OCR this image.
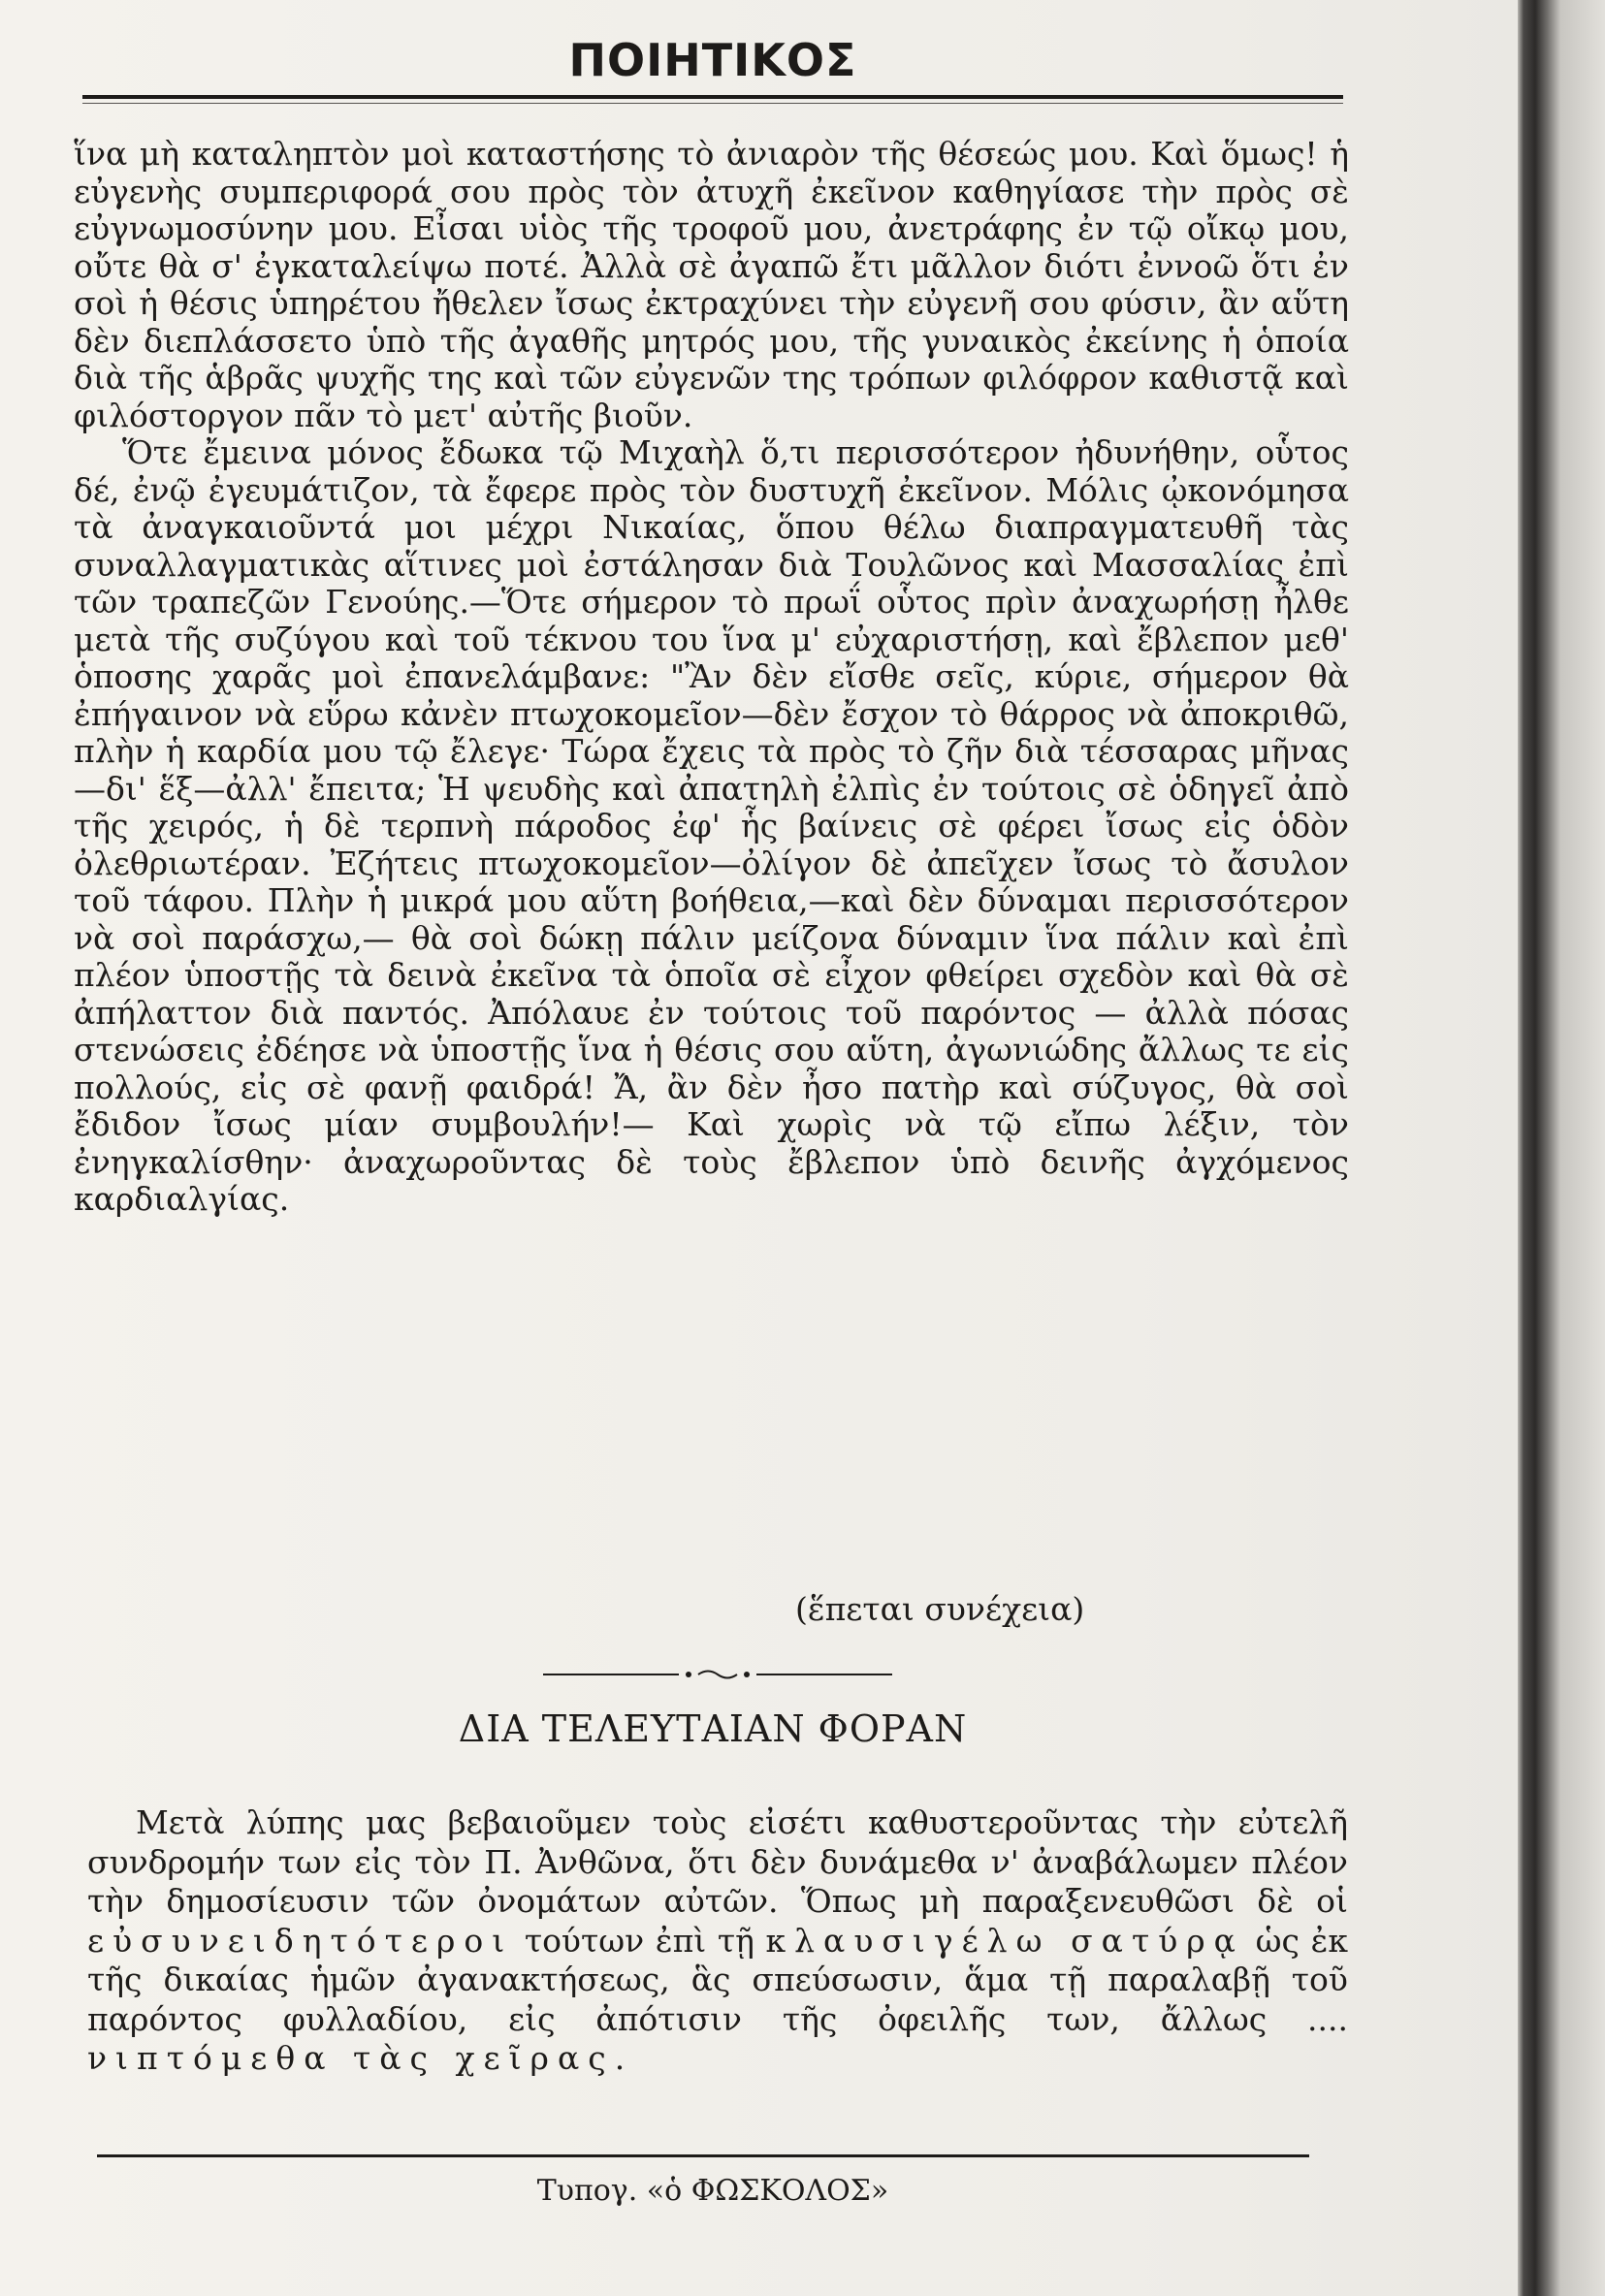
ΠΟΙΗΤΙΚΟΣ

ἵνα μὴ καταληπτὸν μοὶ καταστήσης τὸ ἀνιαρὸν τῆς θέσεώς μου. Καὶ ὅμως! ἡ εὐγενὴς συμπεριφορά σου πρὸς τὸν ἀτυχῆ ἐκεῖνον καθηγίασε τὴν πρὸς σὲ εὐγνωμοσύνην μου. Εἶσαι υἱὸς τῆς τροφοῦ μου, ἀνετράφης ἐν τῷ οἴκῳ μου, οὔτε θὰ σ' ἐγκαταλείψω ποτέ. Ἀλλὰ σὲ ἀγαπῶ ἔτι μᾶλλον διότι ἐννοῶ ὅτι ἐν σοὶ ἡ θέσις ὑπηρέτου ἤθελεν ἴσως ἐκτραχύνει τὴν εὐγενῆ σου φύσιν, ἂν αὕτη δὲν διεπλάσσετο ὑπὸ τῆς ἀγαθῆς μητρός μου, τῆς γυναικὸς ἐκείνης ἡ ὁποία διὰ τῆς ἁβρᾶς ψυχῆς της καὶ τῶν εὐγενῶν της τρόπων φιλόφρον καθιστᾷ καὶ φιλόστοργον πᾶν τὸ μετ' αὐτῆς βιοῦν.

Ὅτε ἔμεινα μόνος ἔδωκα τῷ Μιχαὴλ ὅ,τι περισσότερον ἠδυνήθην, οὗτος δέ, ἐνῷ ἐγευμάτιζον, τὰ ἔφερε πρὸς τὸν δυστυχῆ ἐκεῖνον. Μόλις ᾠκονόμησα τὰ ἀναγκαιοῦντά μοι μέχρι Νικαίας, ὅπου θέλω διαπραγματευθῆ τὰς συναλλαγματικὰς αἵτινες μοὶ ἐστάλησαν διὰ Τουλῶνος καὶ Μασσαλίας ἐπὶ τῶν τραπεζῶν Γενούης.—Ὅτε σήμερον τὸ πρωΐ οὗτος πρὶν ἀναχωρήσῃ ἦλθε μετὰ τῆς συζύγου καὶ τοῦ τέκνου του ἵνα μ' εὐχαριστήσῃ, καὶ ἔβλεπον μεθ' ὁποσης χαρᾶς μοὶ ἐπανελάμβανε: "Ἂν δὲν εἴσθε σεῖς, κύριε, σήμερον θὰ ἐπήγαινον νὰ εὕρω κἀνὲν πτωχοκομεῖον—δὲν ἔσχον τὸ θάρρος νὰ ἀποκριθῶ, πλὴν ἡ καρδία μου τῷ ἔλεγε· Τώρα ἔχεις τὰ πρὸς τὸ ζῆν διὰ τέσσαρας μῆνας—δι' ἕξ—ἀλλ' ἔπειτα; Ἡ ψευδὴς καὶ ἀπατηλὴ ἐλπὶς ἐν τούτοις σὲ ὁδηγεῖ ἀπὸ τῆς χειρός, ἡ δὲ τερπνὴ πάροδος ἐφ' ἧς βαίνεις σὲ φέρει ἴσως εἰς ὁδὸν ὀλεθριωτέραν. Ἐζήτεις πτωχοκομεῖον—ὀλίγον δὲ ἀπεῖχεν ἴσως τὸ ἄσυλον τοῦ τάφου. Πλὴν ἡ μικρά μου αὕτη βοήθεια,—καὶ δὲν δύναμαι περισσότερον νὰ σοὶ παράσχω,— θὰ σοὶ δώκῃ πάλιν μείζονα δύναμιν ἵνα πάλιν καὶ ἐπὶ πλέον ὑποστῇς τὰ δεινὰ ἐκεῖνα τὰ ὁποῖα σὲ εἶχον φθείρει σχεδὸν καὶ θὰ σὲ ἀπήλαττον διὰ παντός. Ἀπόλαυε ἐν τούτοις τοῦ παρόντος — ἀλλὰ πόσας στενώσεις ἐδέησε νὰ ὑποστῇς ἵνα ἡ θέσις σου αὕτη, ἀγωνιώδης ἄλλως τε εἰς πολλούς, εἰς σὲ φανῇ φαιδρά! Ἄ, ἂν δὲν ἦσο πατὴρ καὶ σύζυγος, θὰ σοὶ ἔδιδον ἴσως μίαν συμβουλήν!— Καὶ χωρὶς νὰ τῷ εἴπω λέξιν, τὸν ἐνηγκαλίσθην· ἀναχωροῦντας δὲ τοὺς ἔβλεπον ὑπὸ δεινῆς ἀγχόμενος καρδιαλγίας.

(ἕπεται συνέχεια)
ΔΙΑ ΤΕΛΕΥΤΑΙΑΝ ΦΟΡΑΝ
Μετὰ λύπης μας βεβαιοῦμεν τοὺς εἰσέτι καθυστεροῦντας τὴν εὐτελῆ συνδρομήν των εἰς τὸν Π. Ἀνθῶνα, ὅτι δὲν δυνάμεθα ν' ἀναβάλωμεν πλέον τὴν δημοσίευσιν τῶν ὀνομάτων αὐτῶν. Ὅπως μὴ παραξενευθῶσι δὲ οἱ εὐσυνειδητότεροι τούτων ἐπὶ τῇ κλαυσιγέλω σατύρᾳ ὡς ἐκ τῆς δικαίας ἡμῶν ἀγανακτήσεως, ἃς σπεύσωσιν, ἅμα τῇ παραλαβῇ τοῦ παρόντος φυλλαδίου, εἰς ἀπότισιν τῆς ὀφειλῆς των, ἄλλως .... νιπτόμεθα τὰς χεῖρας.
Τυπογ. «ὁ ΦΩΣΚΟΛΟΣ»
